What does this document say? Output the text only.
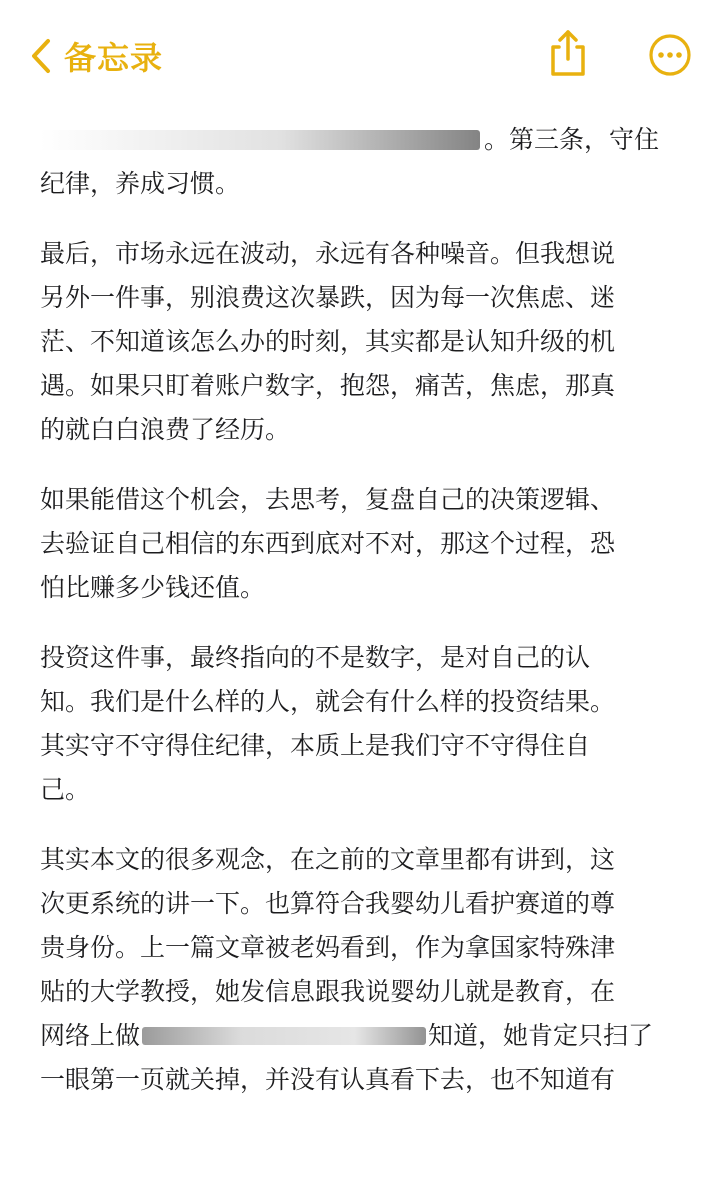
备忘录
。第三条，守住
纪律，养成习惯。
最后，市场永远在波动，永远有各种噪音。但我想说
另外一件事，别浪费这次暴跌，因为每一次焦虑、迷
茫、不知道该怎么办的时刻，其实都是认知升级的机
遇。如果只盯着账户数字，抱怨，痛苦，焦虑，那真
的就白白浪费了经历。
如果能借这个机会，去思考，复盘自己的决策逻辑、
去验证自己相信的东西到底对不对，那这个过程，恐
怕比赚多少钱还值。
投资这件事，最终指向的不是数字，是对自己的认
知。我们是什么样的人，就会有什么样的投资结果。
其实守不守得住纪律，本质上是我们守不守得住自
己。
其实本文的很多观念，在之前的文章里都有讲到，这
次更系统的讲一下。也算符合我婴幼儿看护赛道的尊
贵身份。上一篇文章被老妈看到，作为拿国家特殊津
贴的大学教授，她发信息跟我说婴幼儿就是教育，在
网络上做	知道，她肯定只扫了
一眼第一页就关掉，并没有认真看下去，也不知道有
